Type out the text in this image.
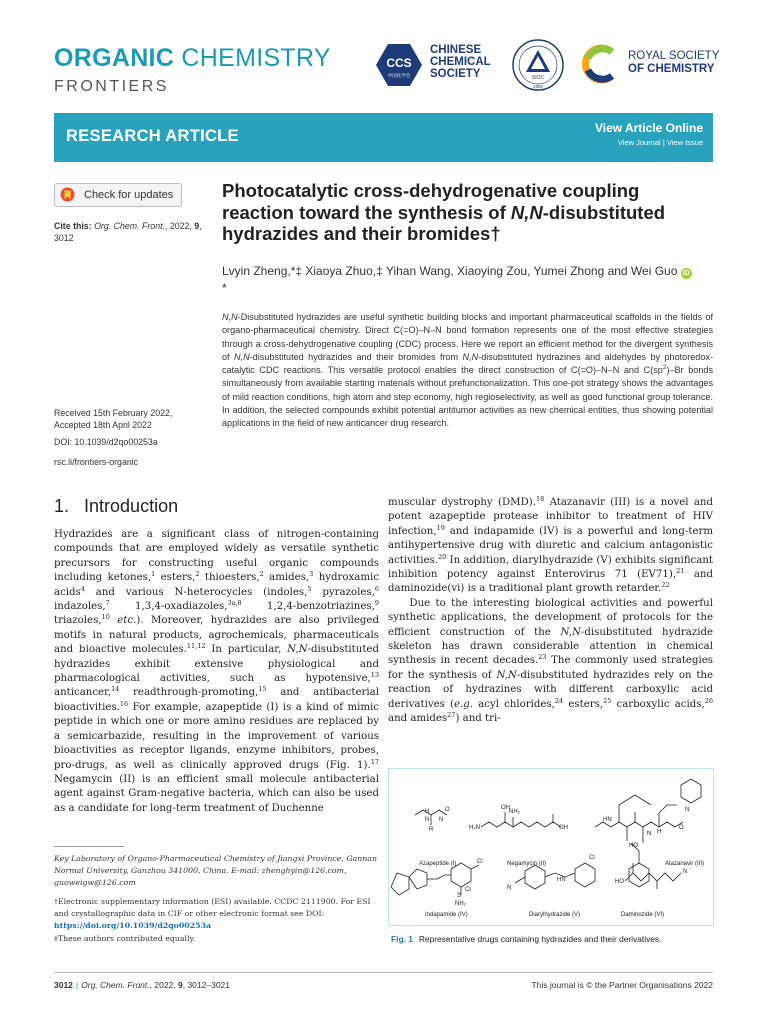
ORGANIC CHEMISTRY
FRONTIERS
CCS
中国化学会
CHINESE
CHEMICAL
SOCIETY	SIOC
1950
ROYAL SOCIETY
OF CHEMISTRY
RESEARCH ARTICLE	View Article Online
View Journal | View Issue
Check for updates
Cite this: Org. Chem. Front., 2022, 9, 3012
Received 15th February 2022,
Accepted 18th April 2022
DOI: 10.1039/d2qo00253a
rsc.li/frontiers-organic
Photocatalytic cross-dehydrogenative coupling reaction toward the synthesis of N,N-disubstituted hydrazides and their bromides†
Lvyin Zheng,*‡ Xiaoya Zhuo,‡ Yihan Wang, Xiaoying Zou, Yumei Zhong and Wei Guo iD *
N,N-Disubstituted hydrazides are useful synthetic building blocks and important pharmaceutical scaffolds in the fields of organo-pharmaceutical chemistry. Direct C(=O)–N–N bond formation represents one of the most effective strategies through a cross-dehydrogenative coupling (CDC) process. Here we report an efficient method for the divergent synthesis of N,N-disubstituted hydrazides and their bromides from N,N-disubstituted hydrazines and aldehydes by photoredox-catalytic CDC reactions. This versatile protocol enables the direct construction of C(=O)–N–N and $C(sp^2)-Br$ bonds simultaneously from available starting materials without prefunctionalization. This one-pot strategy shows the advantages of mild reaction conditions, high atom and step economy, high regioselectivity, as well as good functional group tolerance. In addition, the selected compounds exhibit potential antitumor activities as new chemical entities, thus showing potential applications in the field of new anticancer drug research.
1. Introduction
Hydrazides are a significant class of nitrogen-containing compounds that are employed widely as versatile synthetic precursors for constructing useful organic compounds including ketones,$^1$ esters,$^2$ thioesters,$^2$ amides,$^3$ hydroxamic acids$^4$ and various N-heterocycles (indoles,$^5$ pyrazoles,$^6$ indazoles,$^7$ 1,3,4-oxadiazoles,$^{3a,8}$ 1,2,4-benzotriazines,$^9$ triazoles,$^{10}$ etc.). Moreover, hydrazides are also privileged motifs in natural products, agrochemicals, pharmaceuticals and bioactive molecules.$^{11,12}$ In particular, N,N-disubstituted hydrazides exhibit extensive physiological and pharmacological activities, such as hypotensive,$^{13}$ anticancer,$^{14}$ readthrough-promoting,$^{15}$ and antibacterial bioactivities.$^{16}$ For example, azapeptide (I) is a kind of mimic peptide in which one or more amino residues are replaced by a semicarbazide, resulting in the improvement of various bioactivities as receptor ligands, enzyme inhibitors, probes, pro-drugs, as well as clinically approved drugs (Fig. 1).$^{17}$ Negamycin (II) is an efficient small molecule antibacterial agent against Gram-negative bacteria, which can also be used as a candidate for long-term treatment of Duchenne
muscular dystrophy (DMD).$^{18}$ Atazanavir (III) is a novel and potent azapeptide protease inhibitor to treatment of HIV infection,$^{19}$ and indapamide (IV) is a powerful and long-term antihypertensive drug with diuretic and calcium antagonistic activities.$^{20}$ In addition, diarylhydrazide (V) exhibits significant inhibition potency against Enterovirus 71 (EV71),$^{21}$ and daminozide(vi) is a traditional plant growth retarder.$^{22}$
Due to the interesting biological activities and powerful synthetic applications, the development of protocols for the efficient construction of the N,N-disubstituted hydrazide skeleton has drawn considerable attention in chemical synthesis in recent decades.$^{23}$ The commonly used strategies for the synthesis of N,N-disubstituted hydrazides rely on the reaction of hydrazines with different carboxylic acid derivatives (e.g. acyl chlorides,$^{24}$ esters,$^{25}$ carboxylic acids,$^{26}$ and amides$^{27}$) and tri-
Azapeptide (I)	Negamycin (II)	Atazanavir (III)
Indapamide (IV)	Diarylhydrazide (V)	Daminozide (VI)
H
N N
R
O	OH
NH₂
H₂N	OH
HN
HO
N H
O
Cl
S
NH₂
Cl	N
HN
Cl
N
HO
N
Fig. 1 Representative drugs containing hydrazides and their derivatives.
Key Laboratory of Organo-Pharmaceutical Chemistry of Jiangxi Province, Gannan Normal University, Ganzhou 341000, China. E-mail: zhenghyin@126.com, guoweigw@126.com
†Electronic supplementary information (ESI) available. CCDC 2111900. For ESI and crystallographic data in CIF or other electronic format see DOI: https://doi.org/10.1039/d2qo00253a
‡These authors contributed equally.
3012 | Org. Chem. Front., 2022, 9, 3012–3021	This journal is © the Partner Organisations 2022
